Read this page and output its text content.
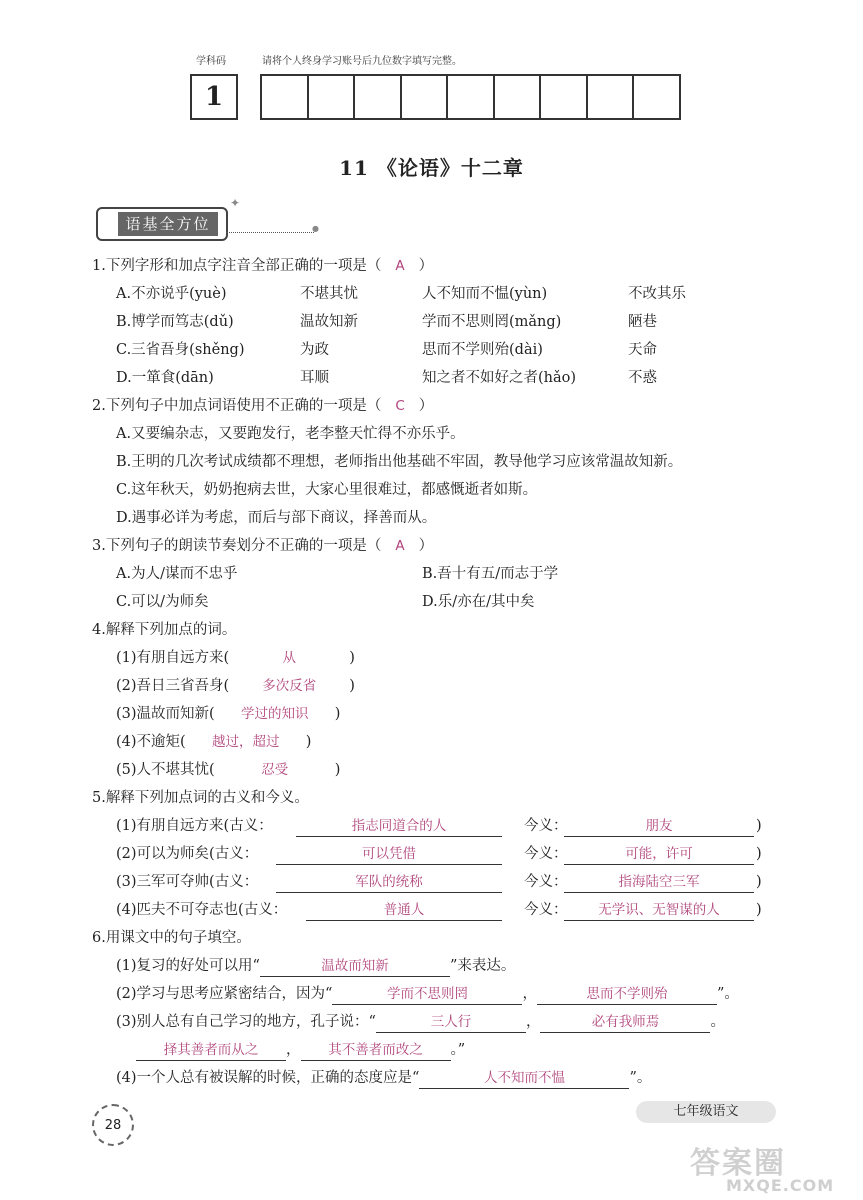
学科码	请将个人终身学习账号后九位数字填写完整。
1
11 《论语》十二章
语基全方位
✦
●
1.下列字形和加点字注音全部正确的一项是（ A ）
A.不亦说乎(yuè)	不堪其忧	人不知而不愠(yùn)	不改其乐
B.博学而笃志(dǔ)	温故知新	学而不思则罔(mǎng)	陋巷
C.三省吾身(shěng)	为政	思而不学则殆(dài)	天命
D.一箪食(dān)	耳顺	知之者不如好之者(hǎo)	不惑
2.下列句子中加点词语使用不正确的一项是（ C ）
A.又要编杂志，又要跑发行，老李整天忙得不亦乐乎。
B.王明的几次考试成绩都不理想，老师指出他基础不牢固，教导他学习应该常温故知新。
C.这年秋天，奶奶抱病去世，大家心里很难过，都感慨逝者如斯。
D.遇事必详为考虑，而后与部下商议，择善而从。
3.下列句子的朗读节奏划分不正确的一项是（ A ）
A.为人/谋而不忠乎	B.吾十有五/而志于学
C.可以/为师矣	D.乐/亦在/其中矣
4.解释下列加点的词。
(1)有朋自远方来(	从	)
(2)吾日三省吾身( 多次反省 )
(3)温故而知新( 学过的知识 )
(4)不逾矩( 越过，超过 )
(5)人不堪其忧(	忍受	)
5.解释下列加点词的古义和今义。
(1)有朋自远方来(古义：	指志同道合的人	今义：	朋友	)
(2)可以为师矣(古义：	可以凭借	今义：	可能，许可	)
(3)三军可夺帅(古义：	军队的统称	今义：	指海陆空三军	)
(4)匹夫不可夺志也(古义：	普通人	今义：	无学识、无智谋的人	)
6.用课文中的句子填空。
(1)复习的好处可以用“	温故而知新	”来表达。
(2)学习与思考应紧密结合，因为“	学而不思则罔	，	思而不学则殆	”。
(3)别人总有自己学习的地方，孔子说：“	三人行	，	必有我师焉	。
择其善者而从之 ， 其不善者而改之 。”
(4)一个人总有被误解的时候，正确的态度应是“	人不知而不愠	”。
28
七年级语文
答案圈
MXQE.COM
